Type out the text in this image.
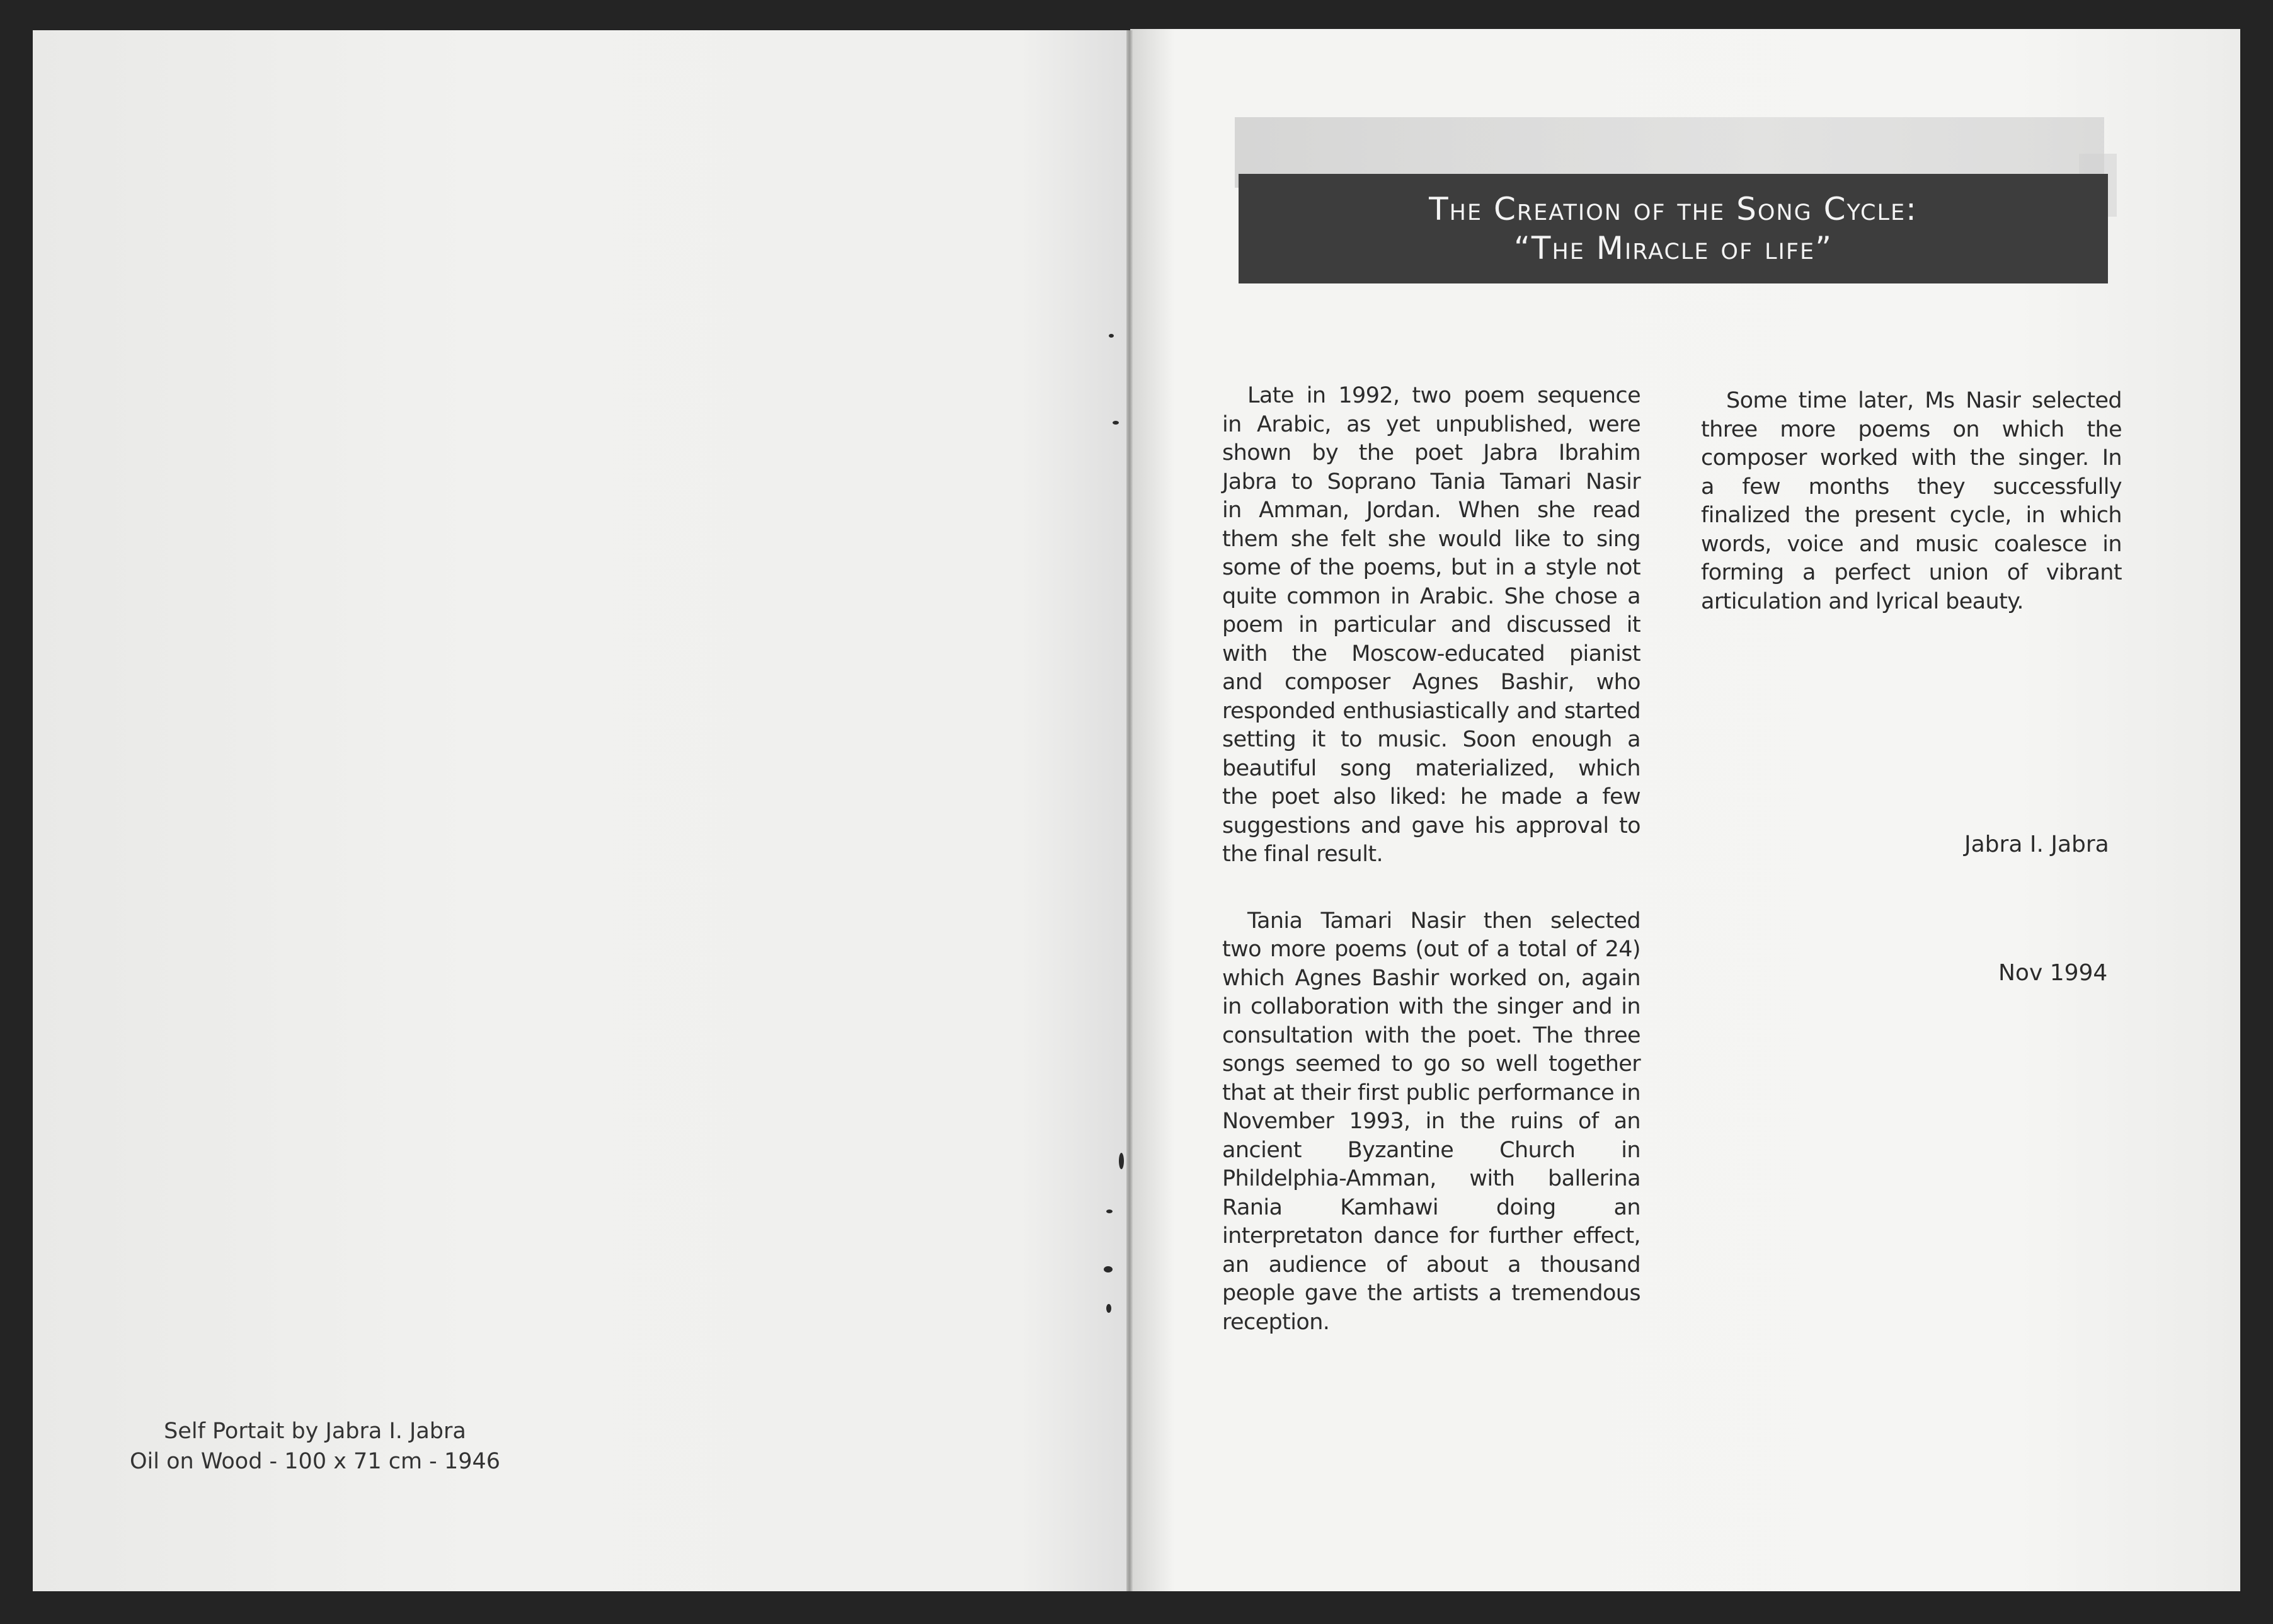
Self Portait by Jabra I. Jabra
Oil on Wood - 100 x 71 cm - 1946
The Creation of the Song Cycle:
“The Miracle of life”

Late in 1992, two poem sequence
in Arabic, as yet unpublished, were
shown by the poet Jabra Ibrahim
Jabra to Soprano Tania Tamari Nasir
in Amman, Jordan. When she read
them she felt she would like to sing
some of the poems, but in a style not
quite common in Arabic. She chose a
poem in particular and discussed it
with the Moscow-educated pianist
and composer Agnes Bashir, who
responded enthusiastically and started
setting it to music. Soon enough a
beautiful song materialized, which
the poet also liked: he made a few
suggestions and gave his approval to
the final result.

Tania Tamari Nasir then selected
two more poems (out of a total of 24)
which Agnes Bashir worked on, again
in collaboration with the singer and in
consultation with the poet. The three
songs seemed to go so well together
that at their first public performance in
November 1993, in the ruins of an
ancient Byzantine Church in
Phildelphia-Amman, with ballerina
Rania Kamhawi doing an
interpretaton dance for further effect,
an audience of about a thousand
people gave the artists a tremendous
reception.

Some time later, Ms Nasir selected
three more poems on which the
composer worked with the singer. In
a few months they successfully
finalized the present cycle, in which
words, voice and music coalesce in
forming a perfect union of vibrant
articulation and lyrical beauty.

Jabra I. Jabra
Nov 1994
